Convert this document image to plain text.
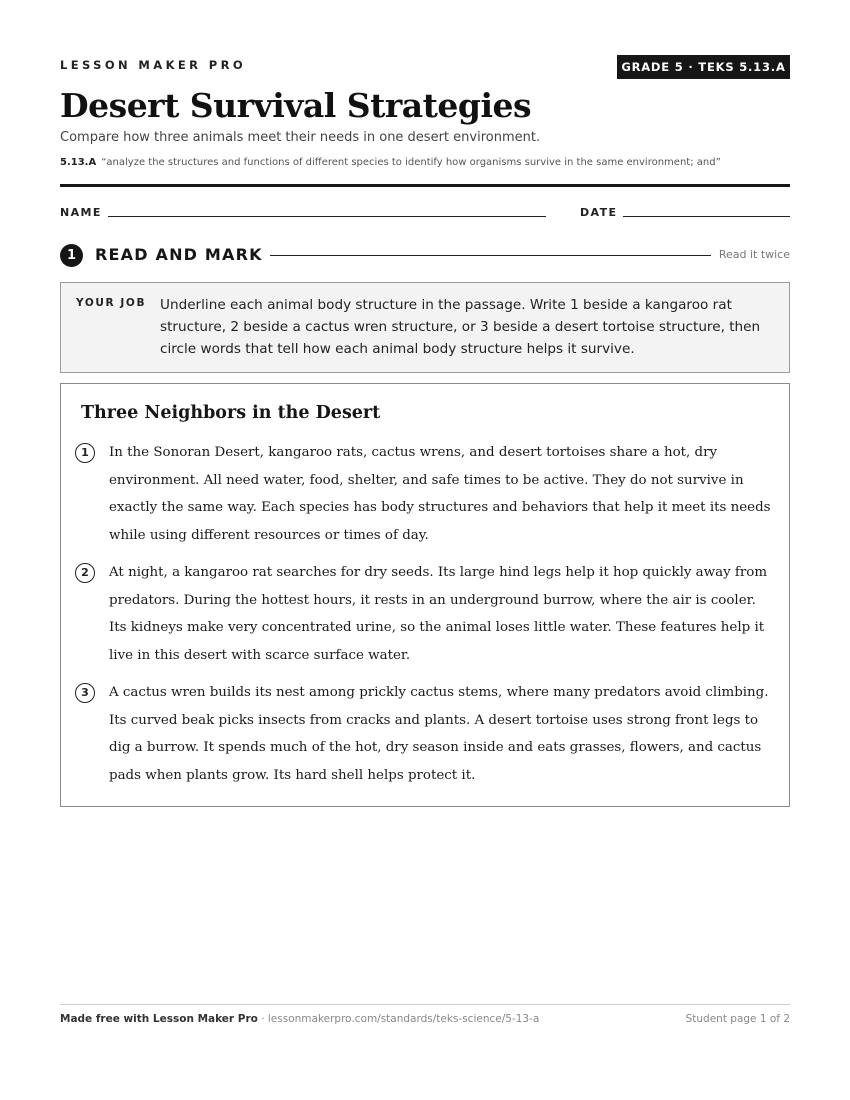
LESSON MAKER PRO	GRADE 5 · TEKS 5.13.A
Desert Survival Strategies
Compare how three animals meet their needs in one desert environment.
5.13.A “analyze the structures and functions of different species to identify how organisms survive in the same environment; and”
NAME	DATE
1	READ AND MARK	Read it twice
YOUR JOB Underline each animal body structure in the passage. Write 1 beside a kangaroo rat structure, 2 beside a cactus wren structure, or 3 beside a desert tortoise structure, then circle words that tell how each animal body structure helps it survive.
Three Neighbors in the Desert
1	In the Sonoran Desert, kangaroo rats, cactus wrens, and desert tortoises share a hot, dry environment. All need water, food, shelter, and safe times to be active. They do not survive in exactly the same way. Each species has body structures and behaviors that help it meet its needs while using different resources or times of day.
2	At night, a kangaroo rat searches for dry seeds. Its large hind legs help it hop quickly away from predators. During the hottest hours, it rests in an underground burrow, where the air is cooler. Its kidneys make very concentrated urine, so the animal loses little water. These features help it live in this desert with scarce surface water.
3	A cactus wren builds its nest among prickly cactus stems, where many predators avoid climbing. Its curved beak picks insects from cracks and plants. A desert tortoise uses strong front legs to dig a burrow. It spends much of the hot, dry season inside and eats grasses, flowers, and cactus pads when plants grow. Its hard shell helps protect it.
Made free with Lesson Maker Pro · lessonmakerpro.com/standards/teks-science/5-13-a	Student page 1 of 2
